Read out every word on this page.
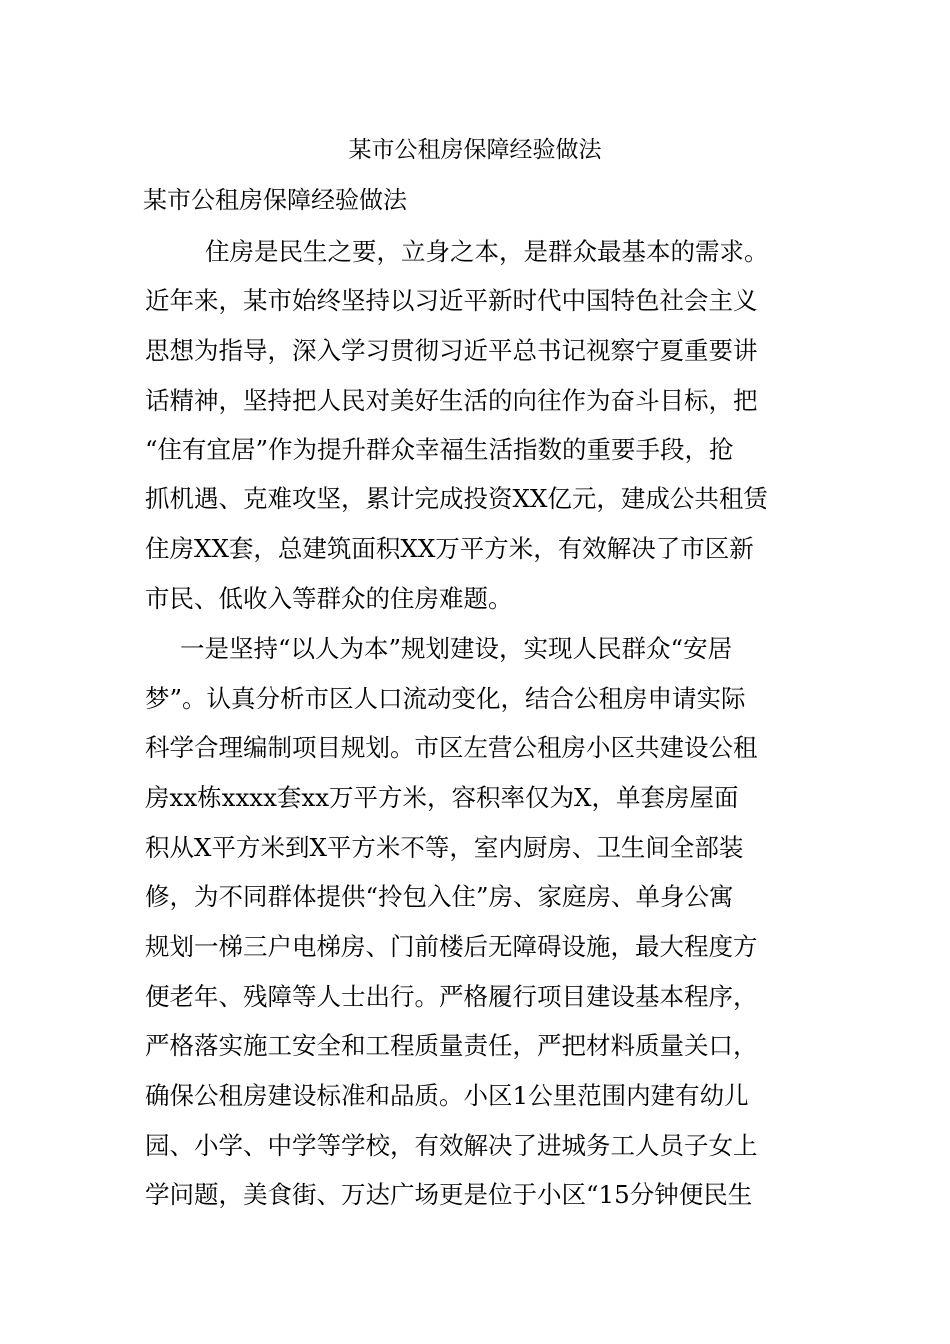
某市公租房保障经验做法
某市公租房保障经验做法
住房是民生之要，立身之本，是群众最基本的需求。
近年来，某市始终坚持以习近平新时代中国特色社会主义
思想为指导，深入学习贯彻习近平总书记视察宁夏重要讲
话精神，坚持把人民对美好生活的向往作为奋斗目标，把
“住有宜居”作为提升群众幸福生活指数的重要手段，抢
抓机遇、克难攻坚，累计完成投资XX亿元，建成公共租赁
住房XX套，总建筑面积XX万平方米，有效解决了市区新
市民、低收入等群众的住房难题。
一是坚持“以人为本”规划建设，实现人民群众“安居
梦”。认真分析市区人口流动变化，结合公租房申请实际
科学合理编制项目规划。市区左营公租房小区共建设公租
房xx栋xxxx套xx万平方米，容积率仅为X，单套房屋面
积从X平方米到X平方米不等，室内厨房、卫生间全部装
修，为不同群体提供“拎包入住”房、家庭房、单身公寓
规划一梯三户电梯房、门前楼后无障碍设施，最大程度方
便老年、残障等人士出行。严格履行项目建设基本程序，
严格落实施工安全和工程质量责任，严把材料质量关口，
确保公租房建设标准和品质。小区1公里范围内建有幼儿
园、小学、中学等学校，有效解决了进城务工人员子女上
学问题，美食街、万达广场更是位于小区“15分钟便民生
